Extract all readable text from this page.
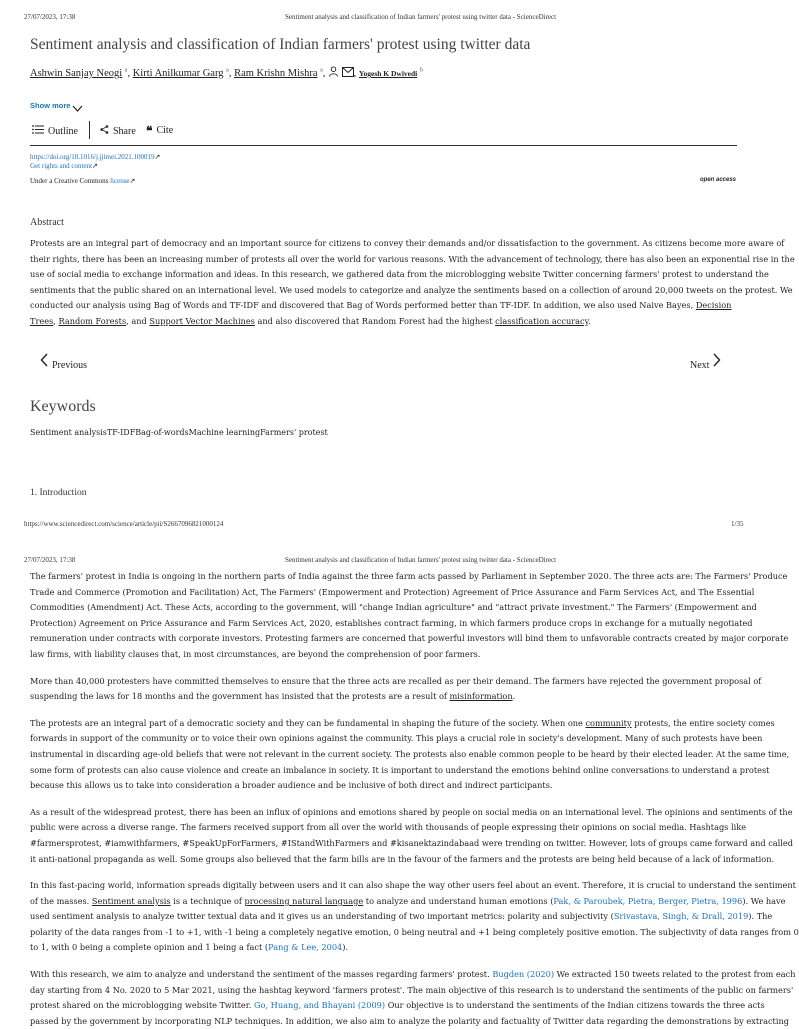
27/07/2023, 17:38	Sentiment analysis and classification of Indian farmers' protest using twitter data - ScienceDirect
Sentiment analysis and classification of Indian farmers' protest using twitter data
Ashwin Sanjay Neogi $^a$, Kirti Anilkumar Garg $^a$, Ram Krishn Mishra $^a$,  , Yogesh K Dwivedi $^b$
Show more
Outline	Share ❝ Cite
https://doi.org/10.1016/j.jjimei.2021.100019↗
Get rights and content↗
Under a Creative Commons license↗	open access
Abstract

Protests are an integral part of democracy and an important source for citizens to convey their demands and/or dissatisfaction to the government. As citizens become more aware of

their rights, there has been an increasing number of protests all over the world for various reasons. With the advancement of technology, there has also been an exponential rise in the

use of social media to exchange information and ideas. In this research, we gathered data from the microblogging website Twitter concerning farmers' protest to understand the

sentiments that the public shared on an international level. We used models to categorize and analyze the sentiments based on a collection of around 20,000 tweets on the protest. We

conducted our analysis using Bag of Words and TF-IDF and discovered that Bag of Words performed better than TF-IDF. In addition, we also used Naive Bayes, Decision

Trees, Random Forests, and Support Vector Machines and also discovered that Random Forest had the highest classification accuracy.

Previous	Next
Keywords
Sentiment analysisTF-IDFBag-of-wordsMachine learningFarmers' protest
1. Introduction
https://www.sciencedirect.com/science/article/pii/S2667096821000124	1/35
27/07/2023, 17:38	Sentiment analysis and classification of Indian farmers' protest using twitter data - ScienceDirect

The farmers' protest in India is ongoing in the northern parts of India against the three farm acts passed by Parliament in September 2020. The three acts are: The Farmers' Produce

Trade and Commerce (Promotion and Facilitation) Act, The Farmers' (Empowerment and Protection) Agreement of Price Assurance and Farm Services Act, and The Essential

Commodities (Amendment) Act. These Acts, according to the government, will "change Indian agriculture" and "attract private investment." The Farmers' (Empowerment and

Protection) Agreement on Price Assurance and Farm Services Act, 2020, establishes contract farming, in which farmers produce crops in exchange for a mutually negotiated

remuneration under contracts with corporate investors. Protesting farmers are concerned that powerful investors will bind them to unfavorable contracts created by major corporate

law firms, with liability clauses that, in most circumstances, are beyond the comprehension of poor farmers.

More than 40,000 protesters have committed themselves to ensure that the three acts are recalled as per their demand. The farmers have rejected the government proposal of

suspending the laws for 18 months and the government has insisted that the protests are a result of misinformation.

The protests are an integral part of a democratic society and they can be fundamental in shaping the future of the society. When one community protests, the entire society comes

forwards in support of the community or to voice their own opinions against the community. This plays a crucial role in society's development. Many of such protests have been

instrumental in discarding age-old beliefs that were not relevant in the current society. The protests also enable common people to be heard by their elected leader. At the same time,

some form of protests can also cause violence and create an imbalance in society. It is important to understand the emotions behind online conversations to understand a protest

because this allows us to take into consideration a broader audience and be inclusive of both direct and indirect participants.

As a result of the widespread protest, there has been an influx of opinions and emotions shared by people on social media on an international level. The opinions and sentiments of the

public were across a diverse range. The farmers received support from all over the world with thousands of people expressing their opinions on social media. Hashtags like

#farmersprotest, #iamwithfarmers, #SpeakUpForFarmers, #IStandWithFarmers and #kisanektazindabaad were trending on twitter. However, lots of groups came forward and called

it anti-national propaganda as well. Some groups also believed that the farm bills are in the favour of the farmers and the protests are being held because of a lack of information.

In this fast-pacing world, information spreads digitally between users and it can also shape the way other users feel about an event. Therefore, it is crucial to understand the sentiment

of the masses. Sentiment analysis is a technique of processing natural language to analyze and understand human emotions (Pak, & Paroubek, Pietra, Berger, Pietra, 1996). We have

used sentiment analysis to analyze twitter textual data and it gives us an understanding of two important metrics: polarity and subjectivity (Srivastava, Singh, & Drall, 2019). The

polarity of the data ranges from -1 to +1, with -1 being a completely negative emotion, 0 being neutral and +1 being completely positive emotion. The subjectivity of data ranges from 0

to 1, with 0 being a complete opinion and 1 being a fact (Pang & Lee, 2004).

With this research, we aim to analyze and understand the sentiment of the masses regarding farmers' protest. Bugden (2020) We extracted 150 tweets related to the protest from each

day starting from 4 No. 2020 to 5 Mar 2021, using the hashtag keyword 'farmers protest'. The main objective of this research is to understand the sentiments of the public on farmers'

protest shared on the microblogging website Twitter. Go, Huang, and Bhayani (2009) Our objective is to understand the sentiments of the Indian citizens towards the three acts

passed by the government by incorporating NLP techniques. In addition, we also aim to analyze the polarity and factuality of Twitter data regarding the demonstrations by extracting
